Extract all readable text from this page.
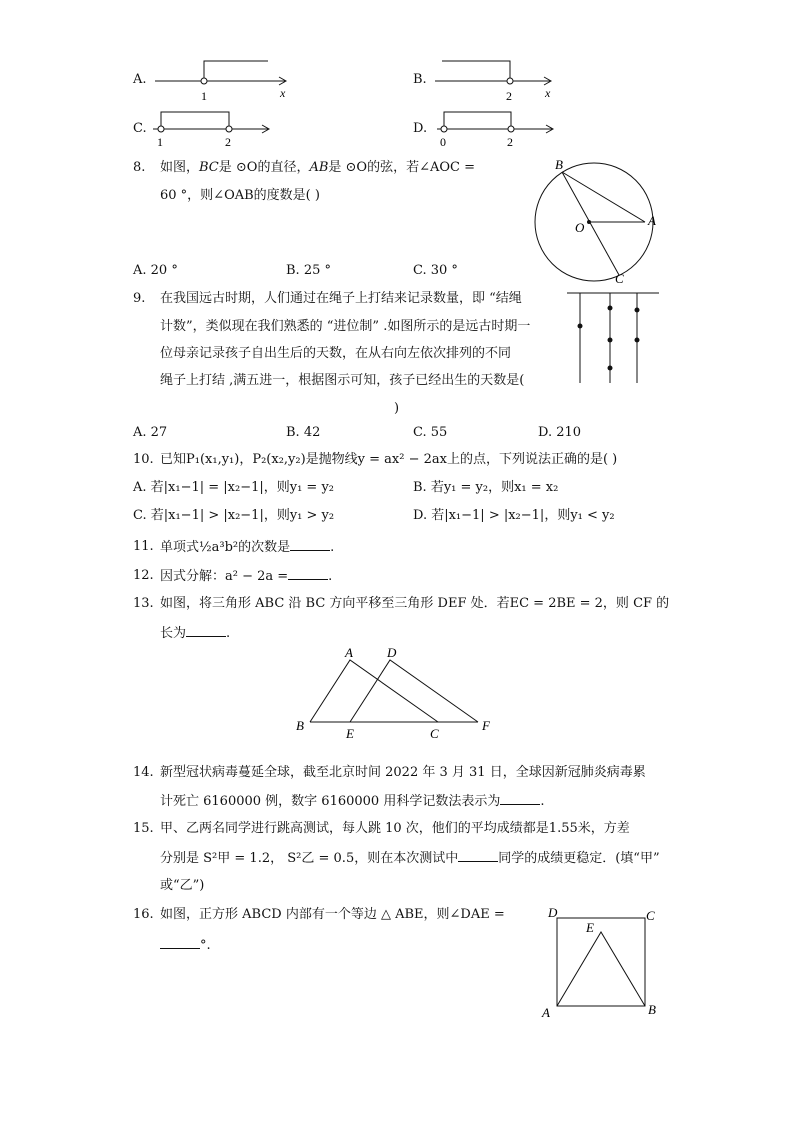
A.
1	x
B.
2	x
C.
1	2
D.
0	2
8. 如图，BC是 ⊙O的直径，AB是 ⊙O的弦，若∠AOC =
60 °，则∠OAB的度数是( )
B
A
O
C
A. 20 °	B. 25 °	C. 30 °
9. 在我国远古时期，人们通过在绳子上打结来记录数量，即 “结绳
计数”，类似现在我们熟悉的 “进位制” .如图所示的是远古时期一
位母亲记录孩子自出生后的天数，在从右向左依次排列的不同
绳子上打结 ,满五进一，根据图示可知，孩子已经出生的天数是(
)
A. 27	B. 42	C. 55	D. 210
10. 已知P₁(x₁,y₁)，P₂(x₂,y₂)是抛物线y = ax² − 2ax上的点，下列说法正确的是( )
A. 若|x₁−1| = |x₂−1|，则y₁ = y₂	B. 若y₁ = y₂，则x₁ = x₂
C. 若|x₁−1| > |x₂−1|，则y₁ > y₂	D. 若|x₁−1| > |x₂−1|，则y₁ < y₂
11. 单项式½a³b²的次数是	.
12. 因式分解：a² − 2a =	.
13. 如图，将三角形 ABC 沿 BC 方向平移至三角形 DEF 处．若EC = 2BE = 2，则 CF 的
长为	.
A	D
B
E	C
F
14. 新型冠状病毒蔓延全球，截至北京时间 2022 年 3 月 31 日，全球因新冠肺炎病毒累
计死亡 6160000 例，数字 6160000 用科学记数法表示为	.
15. 甲、乙两名同学进行跳高测试，每人跳 10 次，他们的平均成绩都是1.55米，方差
分别是 S²甲 = 1.2， S²乙 = 0.5，则在本次测试中	同学的成绩更稳定．(填“甲”
或“乙”)
16. 如图，正方形 ABCD 内部有一个等边 △ ABE，则∠DAE =
°.
D	C
E
A	B
